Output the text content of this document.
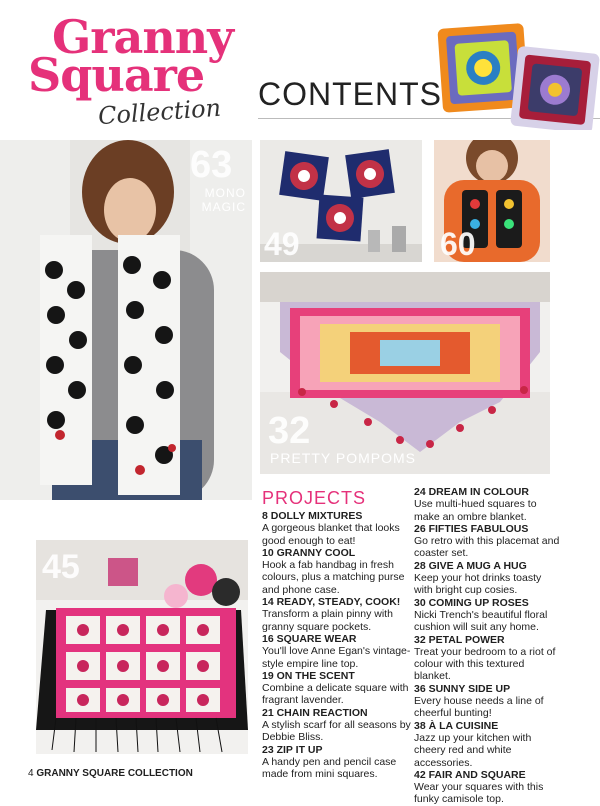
Granny
Square
Collection CONTENTS
63
MONO MAGIC
49	60
32
PRETTY POMPOMS
45
PROJECTS
8 DOLLY MIXTURES
A gorgeous blanket that looks good enough to eat!
10 GRANNY COOL
Hook a fab handbag in fresh colours, plus a matching purse and phone case.
14 READY, STEADY, COOK!
Transform a plain pinny with granny square pockets.
16 SQUARE WEAR
You'll love Anne Egan's vintage-style empire line top.
19 ON THE SCENT
Combine a delicate square with fragrant lavender.
21 CHAIN REACTION
A stylish scarf for all seasons by Debbie Bliss.
23 ZIP IT UP
A handy pen and pencil case made from mini squares.
24 DREAM IN COLOUR
Use multi-hued squares to make an ombre blanket.
26 FIFTIES FABULOUS
Go retro with this placemat and coaster set.
28 GIVE A MUG A HUG
Keep your hot drinks toasty with bright cup cosies.
30 COMING UP ROSES
Nicki Trench's beautiful floral cushion will suit any home.
32 PETAL POWER
Treat your bedroom to a riot of colour with this textured blanket.
36 SUNNY SIDE UP
Every house needs a line of cheerful bunting!
38 À LA CUISINE
Jazz up your kitchen with cheery red and white accessories.
42 FAIR AND SQUARE
Wear your squares with this funky camisole top.
4 GRANNY SQUARE COLLECTION
